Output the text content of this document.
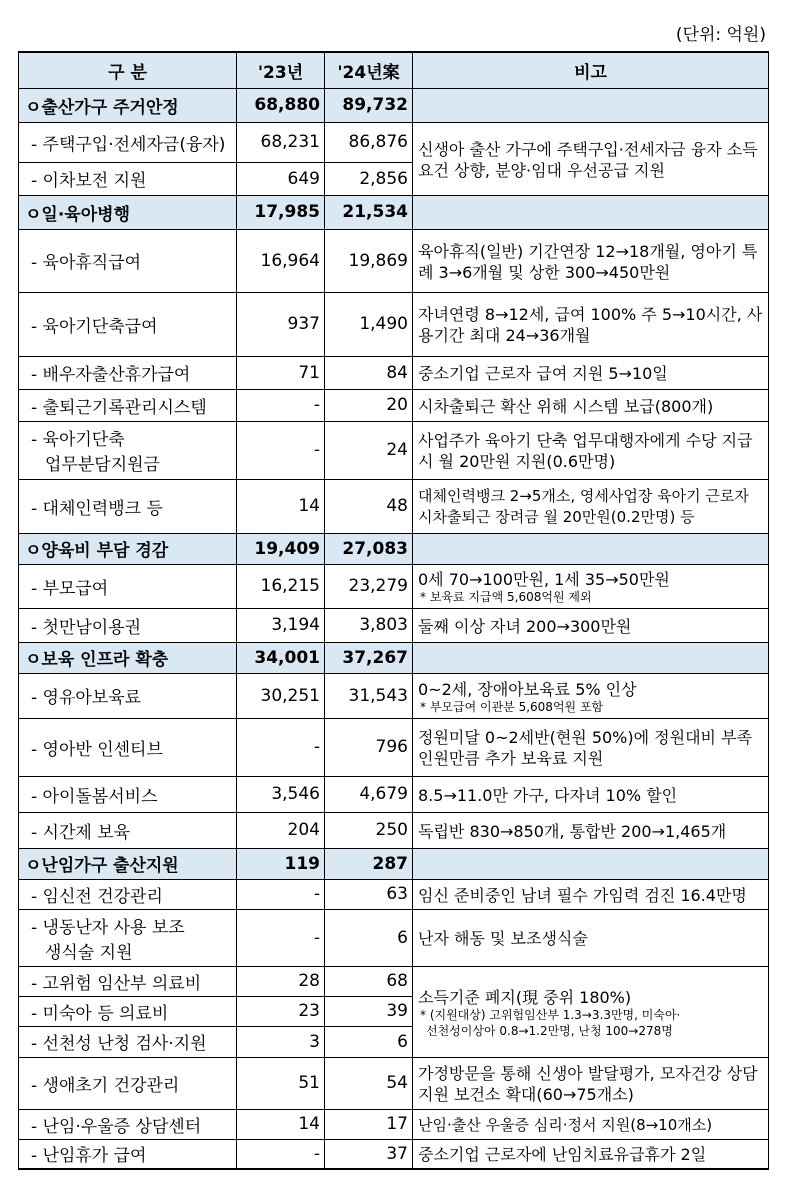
(단위: 억원)
구 분	'23년	'24년案	비고
ㅇ출산가구 주거안정	68,880	89,732	
- 주택구입·전세자금(융자)	68,231	86,876	신생아 출산 가구에 주택구입·전세자금 융자 소득요건 상향, 분양·임대 우선공급 지원
- 이차보전 지원	649	2,856	
ㅇ일·육아병행	17,985	21,534	
- 육아휴직급여	16,964	19,869	육아휴직(일반) 기간연장 12→18개월, 영아기 특례 3→6개월 및 상한 300→450만원
- 육아기단축급여	937	1,490	자녀연령 8→12세, 급여 100% 주 5→10시간, 사용기간 최대 24→36개월
- 배우자출산휴가급여	71	84	중소기업 근로자 급여 지원 5→10일
- 출퇴근기록관리시스템	-	20	시차출퇴근 확산 위해 시스템 보급(800개)
- 육아기단축
업무분담지원금	-	24	사업주가 육아기 단축 업무대행자에게 수당 지급시 월 20만원 지원(0.6만명)
- 대체인력뱅크 등	14	48	대체인력뱅크 2→5개소, 영세사업장 육아기 근로자 시차출퇴근 장려금 월 20만원(0.2만명) 등
ㅇ양육비 부담 경감	19,409	27,083	
- 부모급여	16,215	23,279	0세 70→100만원, 1세 35→50만원
* 보육료 지급액 5,608억원 제외

- 첫만남이용권	3,194	3,803	둘째 이상 자녀 200→300만원
ㅇ보육 인프라 확충	34,001	37,267	
- 영유아보육료	30,251	31,543	0~2세, 장애아보육료 5% 인상
* 부모급여 이관분 5,608억원 포함

- 영아반 인센티브	-	796	정원미달 0~2세반(현원 50%)에 정원대비 부족인원만큼 추가 보육료 지원
- 아이돌봄서비스	3,546	4,679	8.5→11.0만 가구, 다자녀 10% 할인
- 시간제 보육	204	250	독립반 830→850개, 통합반 200→1,465개
ㅇ난임가구 출산지원	119	287	
- 임신전 건강관리	-	63	임신 준비중인 남녀 필수 가임력 검진 16.4만명
- 냉동난자 사용 보조
생식술 지원	-	6	난자 해동 및 보조생식술
- 고위험 임산부 의료비	28	68	소득기준 폐지(現 중위 180%)
* (지원대상) 고위험임산부 1.3→3.3만명, 미숙아·
선천성이상아 0.8→1.2만명, 난청 100→278명

- 미숙아 등 의료비	23	39	
- 선천성 난청 검사·지원	3	6	
- 생애초기 건강관리	51	54	가정방문을 통해 신생아 발달평가, 모자건강 상담 지원 보건소 확대(60→75개소)
- 난임·우울증 상담센터	14	17	난임·출산 우울증 심리·정서 지원(8→10개소)
- 난임휴가 급여	-	37	중소기업 근로자에 난임치료유급휴가 2일
